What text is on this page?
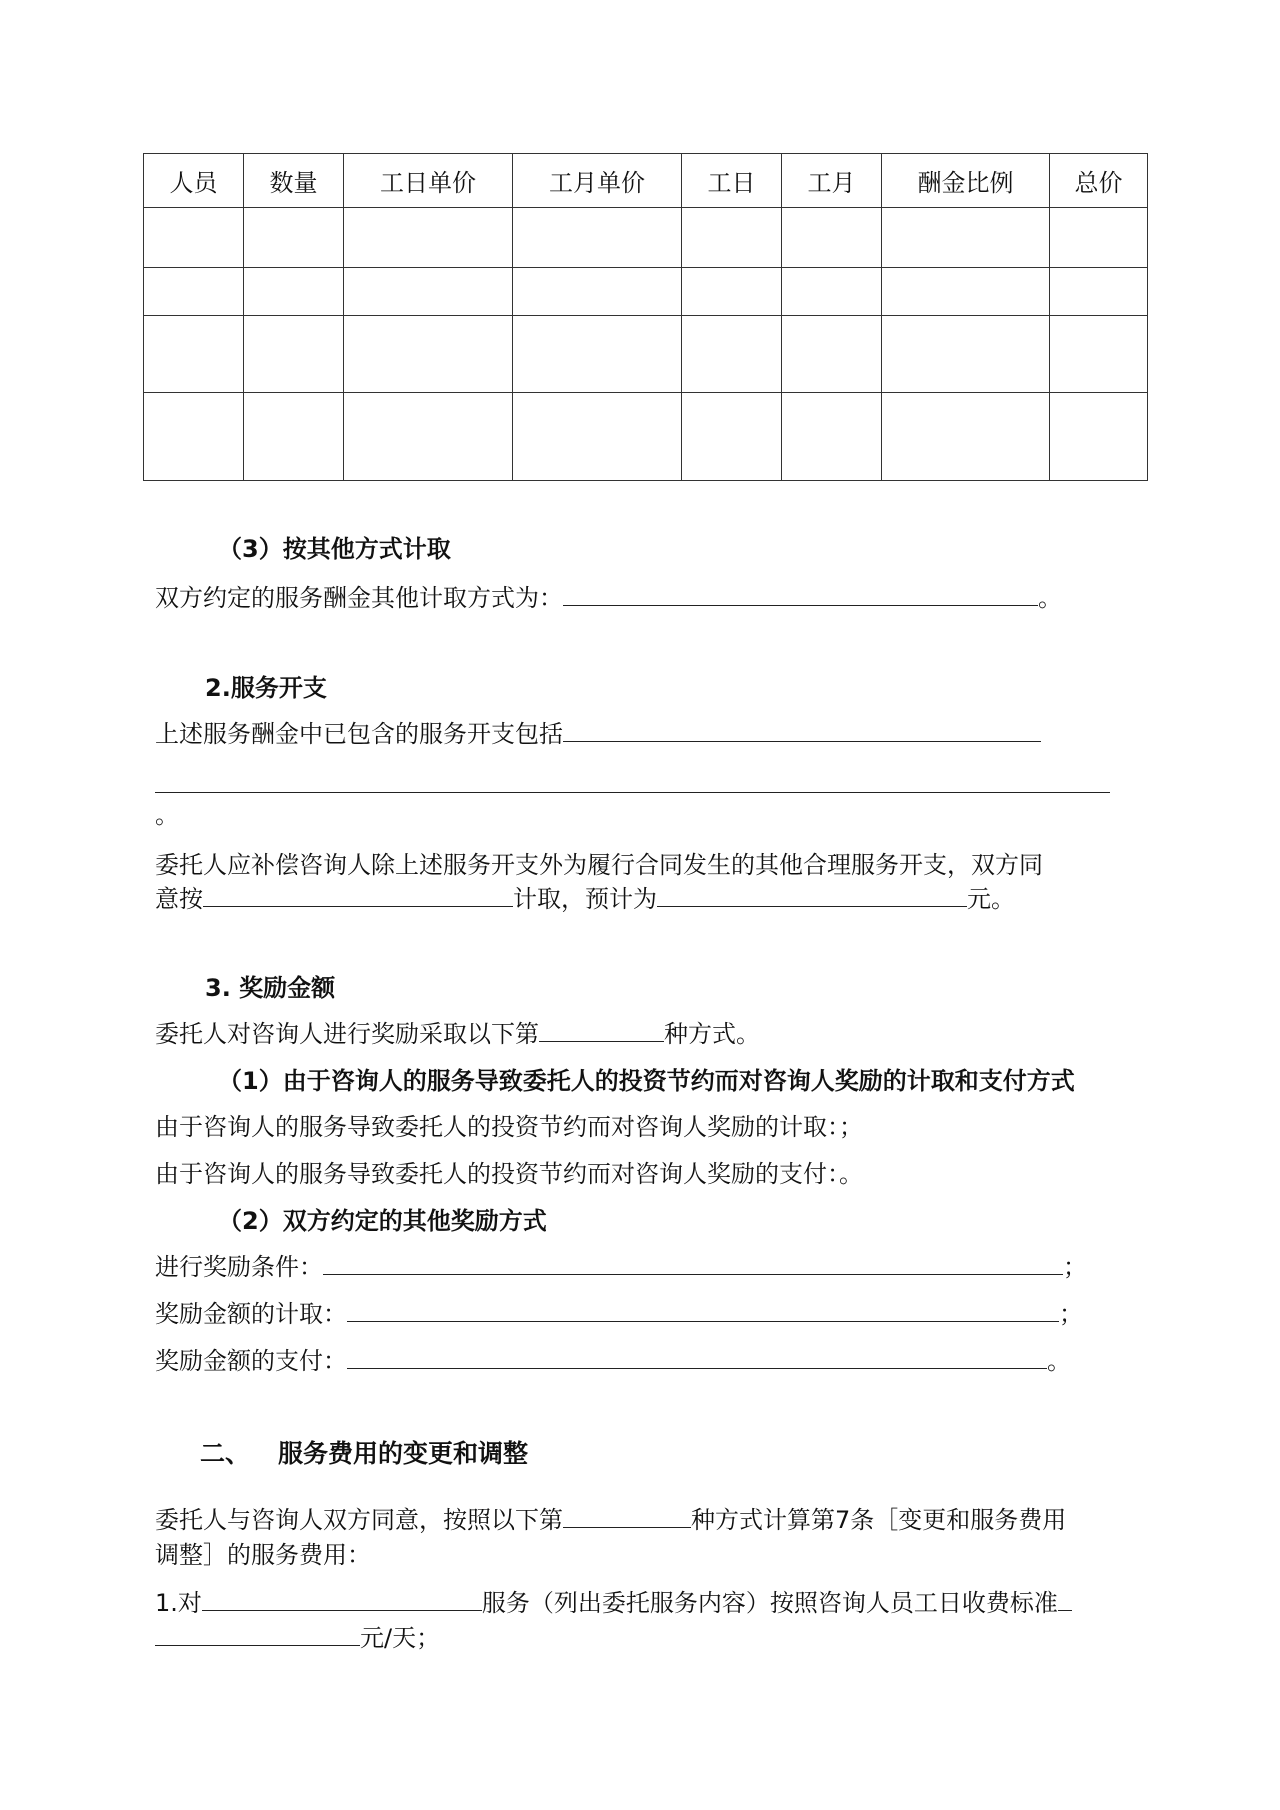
人员	数量	工日单价	工月单价	工日	工月	酬金比例	总价

（3）按其他方式计取
双方约定的服务酬金其他计取方式为：	。
2.服务开支
上述服务酬金中已包含的服务开支包括
。
委托人应补偿咨询人除上述服务开支外为履行合同发生的其他合理服务开支，双方同
意按	计取，预计为	元。
3. 奖励金额
委托人对咨询人进行奖励采取以下第	种方式。
（1）由于咨询人的服务导致委托人的投资节约而对咨询人奖励的计取和支付方式
由于咨询人的服务导致委托人的投资节约而对咨询人奖励的计取：；
由于咨询人的服务导致委托人的投资节约而对咨询人奖励的支付：。
（2）双方约定的其他奖励方式
进行奖励条件：	；
奖励金额的计取：	；
奖励金额的支付：	。
二、 服务费用的变更和调整
委托人与咨询人双方同意，按照以下第	种方式计算第7条［变更和服务费用
调整］的服务费用：
1.对	服务（列出委托服务内容）按照咨询人员工日收费标准
元/天；
